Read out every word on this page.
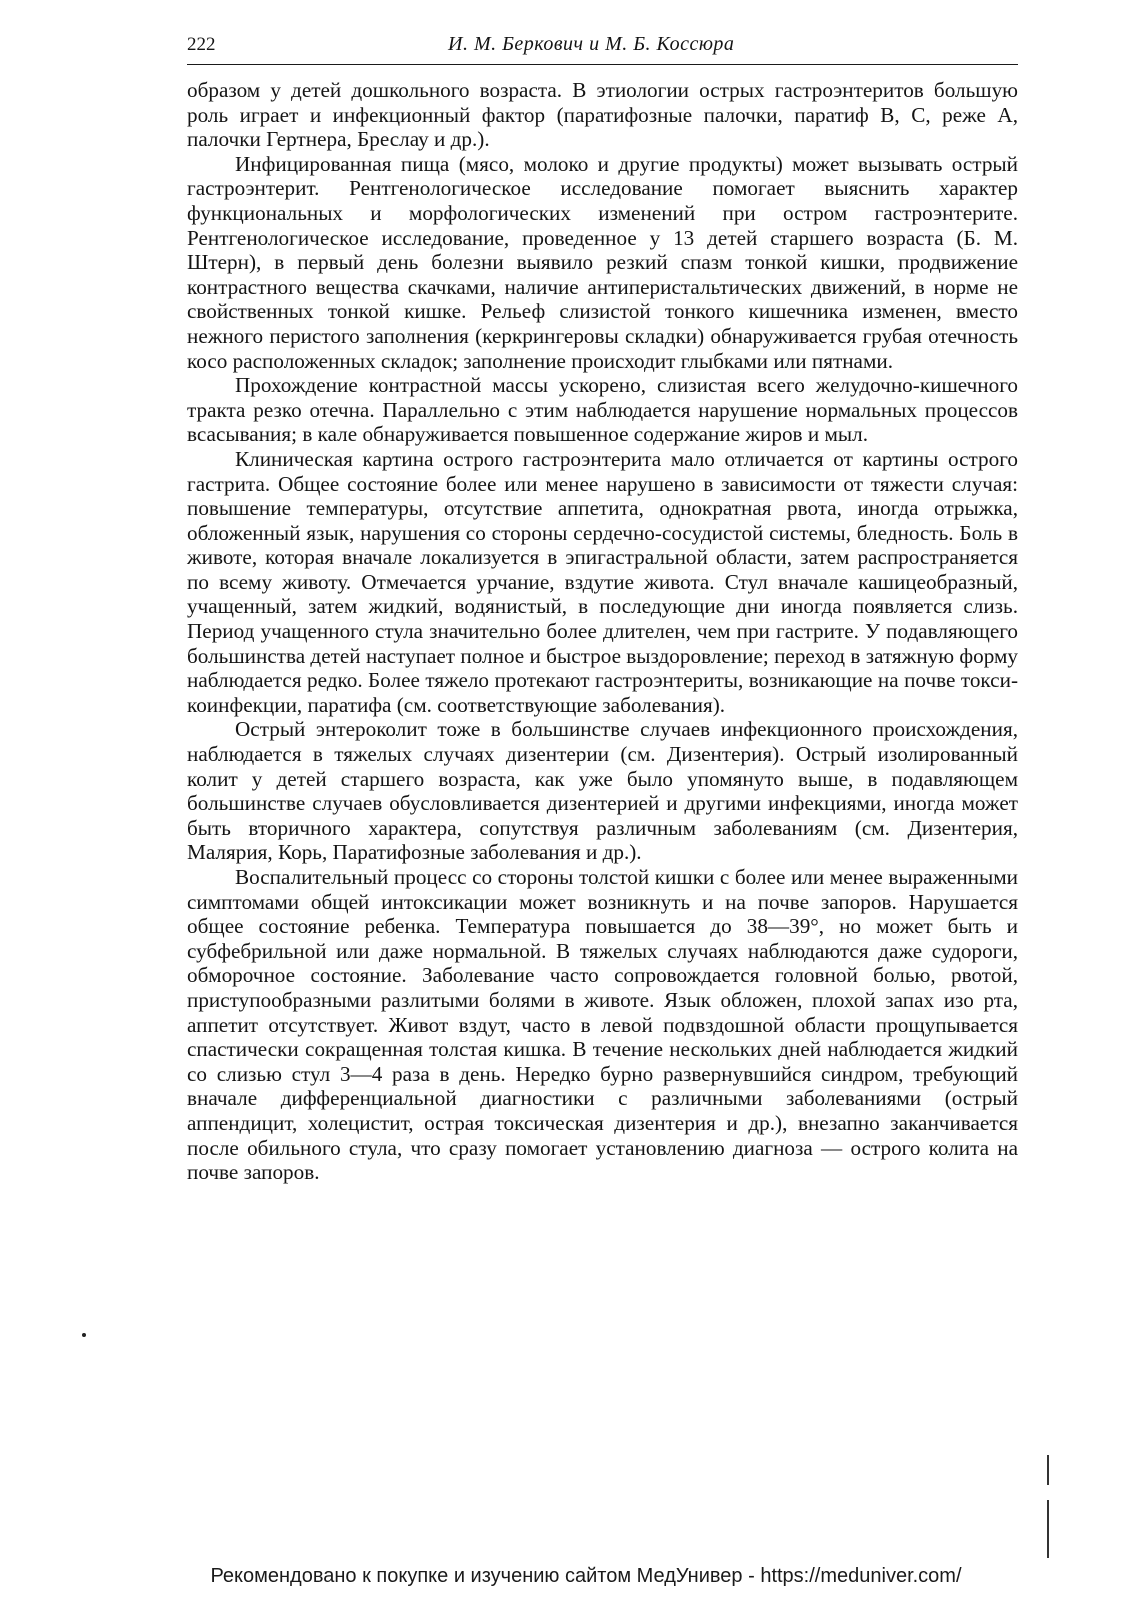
222	И. М. Беркович и М. Б. Коссюра

образом у детей дошкольного возраста. В этиологии острых гастроэнтеритов большую роль играет и инфекционный фактор (паратифозные палочки, паратиф В, С, реже А, палочки Гертнера, Бреслау и др.).

Инфицированная пища (мясо, молоко и другие продукты) может вызывать острый гастроэнтерит. Рентгенологическое исследование помогает выяснить характер функциональных и морфологических изменений при остром гастроэнтерите. Рентгенологическое исследование, проведенное у 13 детей старшего возраста (Б. М. Штерн), в первый день болезни выявило резкий спазм тонкой кишки, продвижение контрастного вещества скачками, наличие антиперистальтических движений, в норме не свойственных тонкой кишке. Рельеф слизистой тонкого кишечника изменен, вместо нежного перистого заполнения (керкрингеровы складки) обнаруживается грубая отечность косо расположенных складок; заполнение происходит глыбками или пятнами.

Прохождение контрастной массы ускорено, слизистая всего желудочно-кишечного тракта резко отечна. Параллельно с этим наблюдается нарушение нормальных процессов всасывания; в кале обнаруживается повышенное содержание жиров и мыл.

Клиническая картина острого гастроэнтерита мало отличается от картины острого гастрита. Общее состояние более или менее нарушено в зависимости от тяжести случая: повышение температуры, отсутствие аппетита, однократная рвота, иногда отрыжка, обложенный язык, нарушения со стороны сердечно-сосудистой системы, бледность. Боль в животе, которая вначале локализуется в эпигастральной области, затем распространяется по всему животу. Отмечается урчание, вздутие живота. Стул вначале кашицеобразный, учащенный, затем жидкий, водянистый, в последующие дни иногда появляется слизь. Период учащенного стула значительно более длителен, чем при гастрите. У подавляющего большинства детей наступает полное и быстрое выздоровление; переход в затяжную форму наблюдается редко. Более тяжело протекают гастроэнтериты, возникающие на почве токсикоинфекции, паратифа (см. соответствующие заболевания).

Острый энтероколит тоже в большинстве случаев инфекционного происхождения, наблюдается в тяжелых случаях дизентерии (см. Дизентерия). Острый изолированный колит у детей старшего возраста, как уже было упомянуто выше, в подавляющем большинстве случаев обусловливается дизентерией и другими инфекциями, иногда может быть вторичного характера, сопутствуя различным заболеваниям (см. Дизентерия, Малярия, Корь, Паратифозные заболевания и др.).

Воспалительный процесс со стороны толстой кишки с более или менее выраженными симптомами общей интоксикации может возникнуть и на почве запоров. Нарушается общее состояние ребенка. Температура повышается до 38—39°, но может быть и субфебрильной или даже нормальной. В тяжелых случаях наблюдаются даже судороги, обморочное состояние. Заболевание часто сопровождается головной болью, рвотой, приступообразными разлитыми болями в животе. Язык обложен, плохой запах изо рта, аппетит отсутствует. Живот вздут, часто в левой подвздошной области прощупывается спастически сокращенная толстая кишка. В течение нескольких дней наблюдается жидкий со слизью стул 3—4 раза в день. Нередко бурно развернувшийся синдром, требующий вначале дифференциальной диагностики с различными заболеваниями (острый аппендицит, холецистит, острая токсическая дизентерия и др.), внезапно заканчивается после обильного стула, что сразу помогает установлению диагноза — острого колита на почве запоров.

Рекомендовано к покупке и изучению сайтом МедУнивер - https://meduniver.com/
